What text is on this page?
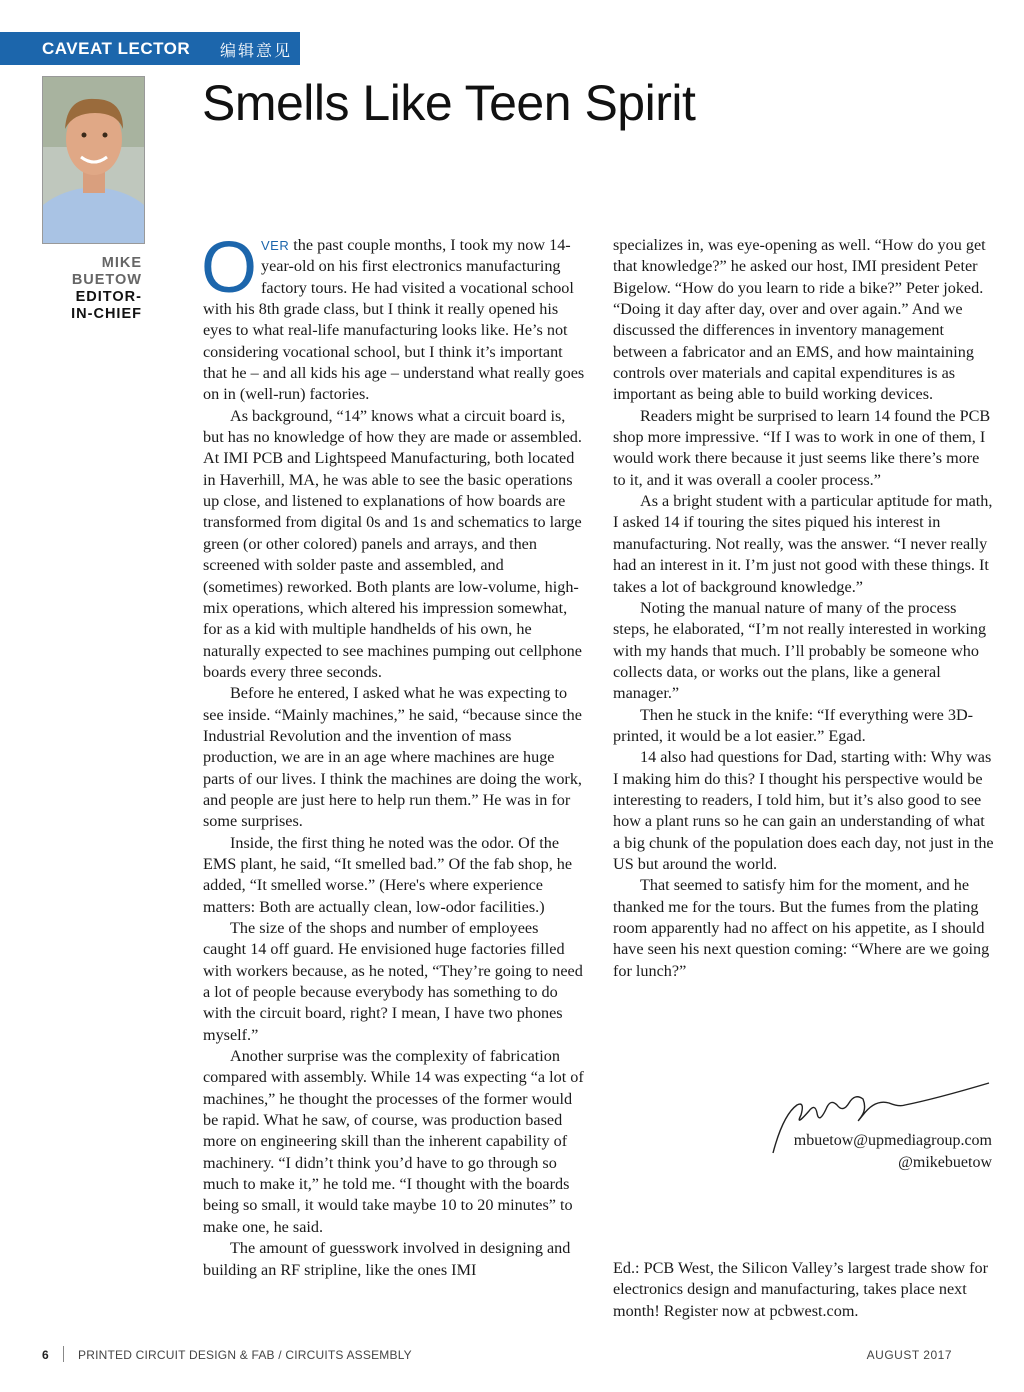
CAVEAT LECTOR 编辑意见
Smells Like Teen Spirit
MIKE
BUETOW
EDITOR-
IN-CHIEF

OVER the past couple months, I took my now 14-year-old on his first electronics manufacturing factory tours. He had visited a vocational school with his 8th grade class, but I think it really opened his eyes to what real-life manufacturing looks like. He’s not considering vocational school, but I think it’s important that he – and all kids his age – understand what really goes on in (well-run) factories.

As background, “14” knows what a circuit board is, but has no knowledge of how they are made or assembled. At IMI PCB and Lightspeed Manufacturing, both located in Haverhill, MA, he was able to see the basic operations up close, and listened to explanations of how boards are transformed from digital 0s and 1s and schematics to large green (or other colored) panels and arrays, and then screened with solder paste and assembled, and (sometimes) reworked. Both plants are low-volume, high-mix operations, which altered his impression somewhat, for as a kid with multiple handhelds of his own, he naturally expected to see machines pumping out cellphone boards every three seconds.

Before he entered, I asked what he was expecting to see inside. “Mainly machines,” he said, “because since the Industrial Revolution and the invention of mass production, we are in an age where machines are huge parts of our lives. I think the machines are doing the work, and people are just here to help run them.” He was in for some surprises.

Inside, the first thing he noted was the odor. Of the EMS plant, he said, “It smelled bad.” Of the fab shop, he added, “It smelled worse.” (Here's where experience matters: Both are actually clean, low-odor facilities.)

The size of the shops and number of employees caught 14 off guard. He envisioned huge factories filled with workers because, as he noted, “They’re going to need a lot of people because everybody has something to do with the circuit board, right? I mean, I have two phones myself.”

Another surprise was the complexity of fabrication compared with assembly. While 14 was expecting “a lot of machines,” he thought the processes of the former would be rapid. What he saw, of course, was production based more on engineering skill than the inherent capability of machinery. “I didn’t think you’d have to go through so much to make it,” he told me. “I thought with the boards being so small, it would take maybe 10 to 20 minutes” to make one, he said.

The amount of guesswork involved in designing and building an RF stripline, like the ones IMI

specializes in, was eye-opening as well. “How do you get that knowledge?” he asked our host, IMI president Peter Bigelow. “How do you learn to ride a bike?” Peter joked. “Doing it day after day, over and over again.” And we discussed the differences in inventory management between a fabricator and an EMS, and how maintaining controls over materials and capital expenditures is as important as being able to build working devices.

Readers might be surprised to learn 14 found the PCB shop more impressive. “If I was to work in one of them, I would work there because it just seems like there’s more to it, and it was overall a cooler process.”

As a bright student with a particular aptitude for math, I asked 14 if touring the sites piqued his interest in manufacturing. Not really, was the answer. “I never really had an interest in it. I’m just not good with these things. It takes a lot of background knowledge.”

Noting the manual nature of many of the process steps, he elaborated, “I’m not really interested in working with my hands that much. I’ll probably be someone who collects data, or works out the plans, like a general manager.”

Then he stuck in the knife: “If everything were 3D-printed, it would be a lot easier.” Egad.

14 also had questions for Dad, starting with: Why was I making him do this? I thought his perspective would be interesting to readers, I told him, but it’s also good to see how a plant runs so he can gain an understanding of what a big chunk of the population does each day, not just in the US but around the world.

That seemed to satisfy him for the moment, and he thanked me for the tours. But the fumes from the plating room apparently had no affect on his appetite, as I should have seen his next question coming: “Where are we going for lunch?”

mbuetow@upmediagroup.com
@mikebuetow
Ed.: PCB West, the Silicon Valley’s largest trade show for electronics design and manufacturing, takes place next month! Register now at pcbwest.com.
6 PRINTED CIRCUIT DESIGN & FAB / CIRCUITS ASSEMBLY	AUGUST 2017
